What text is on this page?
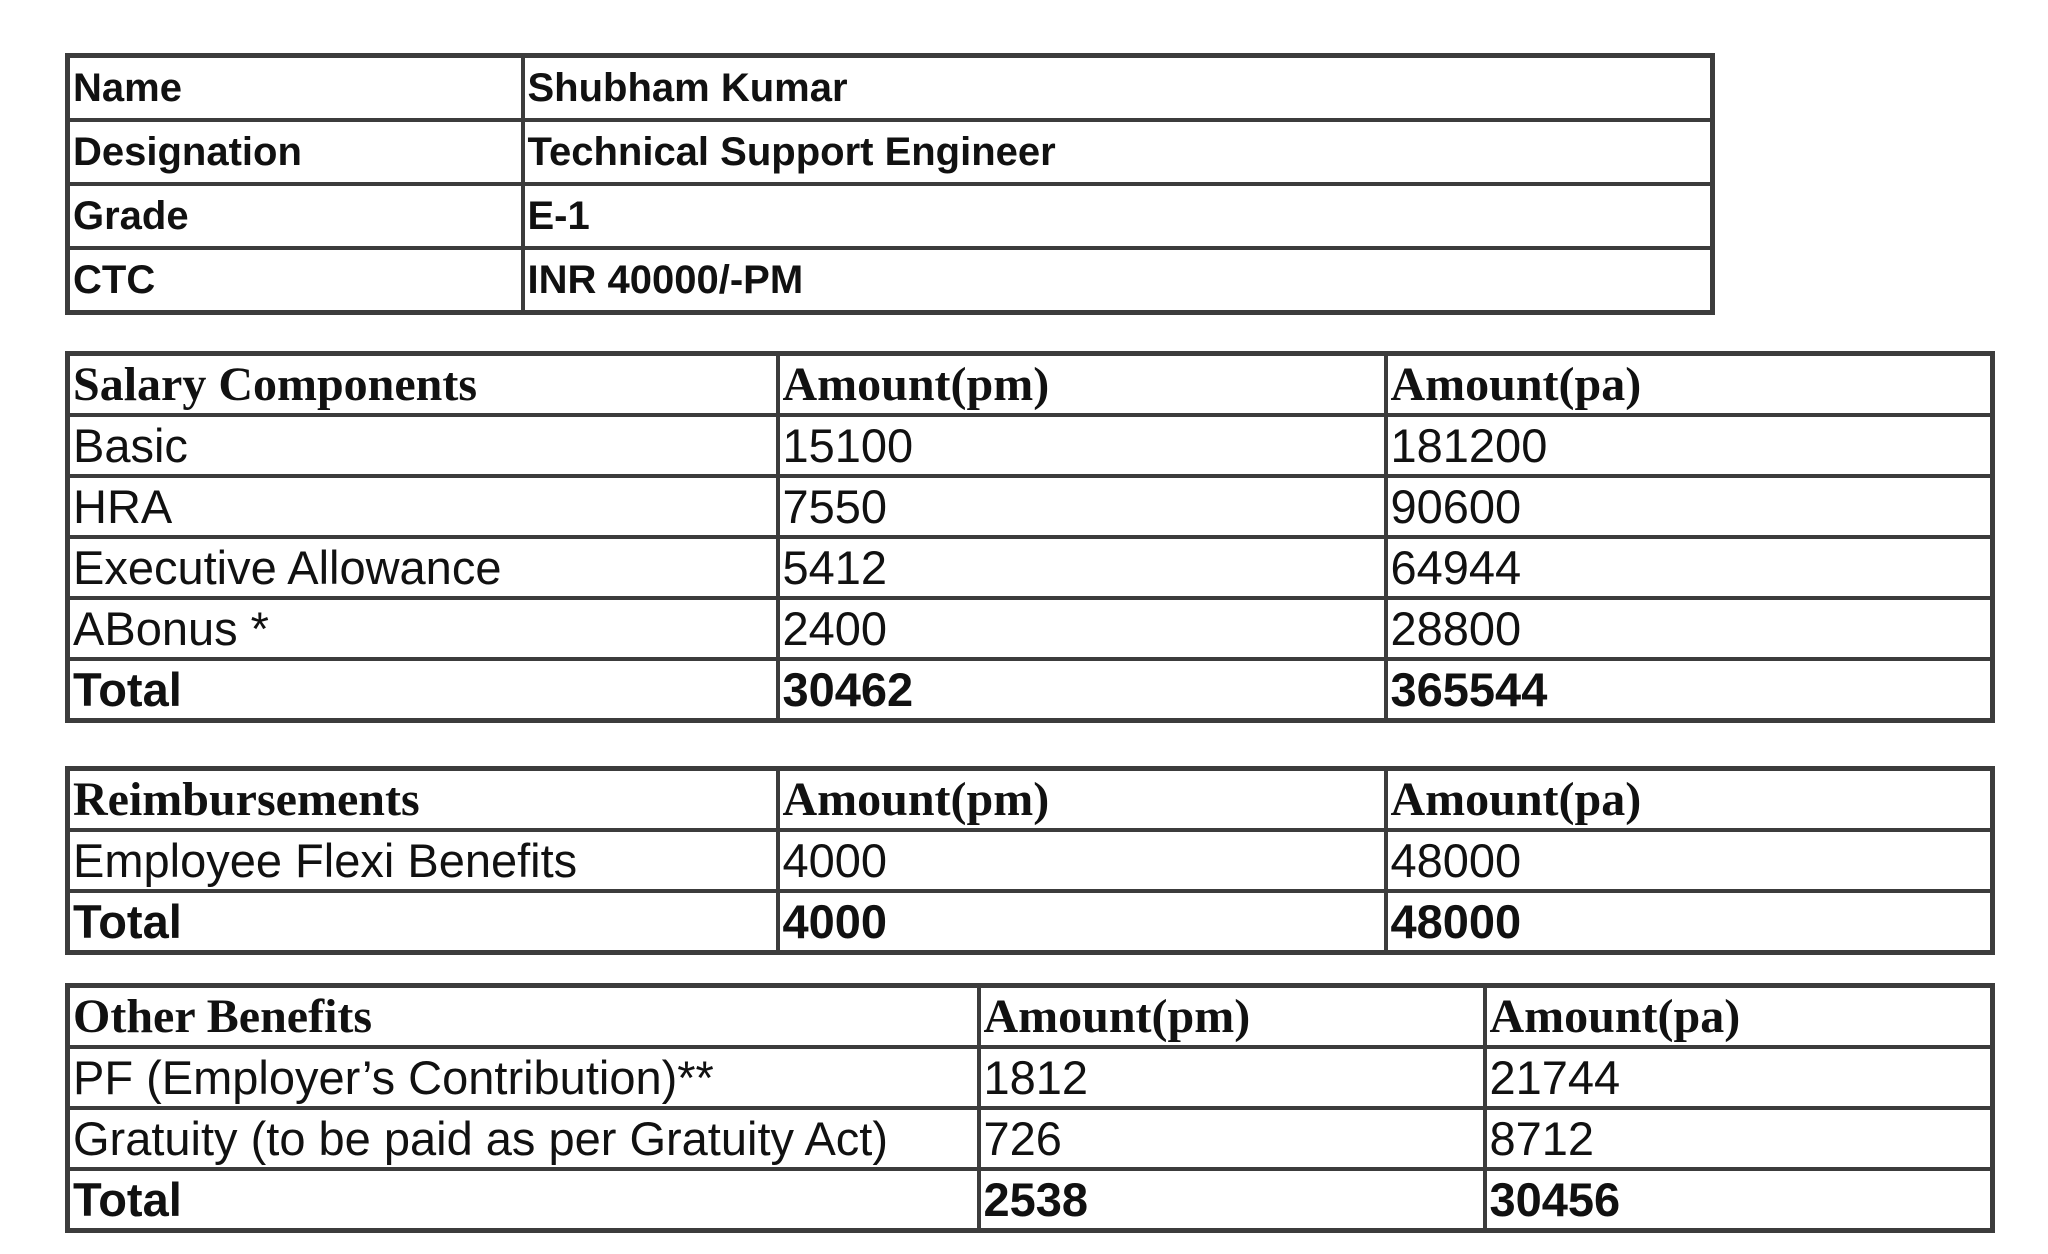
Name	Shubham Kumar
Designation	Technical Support Engineer
Grade	E-1
CTC	INR 40000/-PM
Salary Components	Amount(pm)	Amount(pa)
Basic	15100	181200
HRA	7550	90600
Executive Allowance	5412	64944
ABonus *	2400	28800
Total	30462	365544
Reimbursements	Amount(pm)	Amount(pa)
Employee Flexi Benefits	4000	48000
Total	4000	48000
Other Benefits	Amount(pm)	Amount(pa)
PF (Employer’s Contribution)**	1812	21744
Gratuity (to be paid as per Gratuity Act)	726	8712
Total	2538	30456
